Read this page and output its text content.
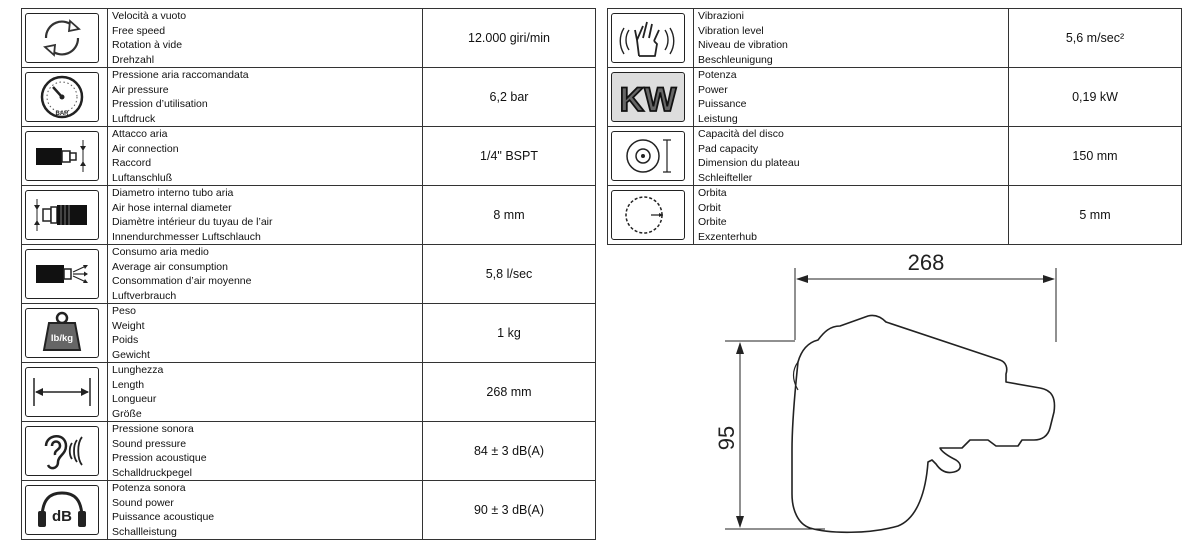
Velocità a vuoto
Free speed
Rotation à vide
Drehzahl	12.000 giri/min

BAR	Pressione aria raccomandata
Air pressure
Pression d’utilisation
Luftdruck	6,2 bar

Attacco aria
Air connection
Raccord
Luftanschluß	1/4" BSPT

Diametro interno tubo aria
Air hose internal diameter
Diamètre intérieur du tuyau de l’air
Innendurchmesser Luftschlauch	8 mm

Consumo aria medio
Average air consumption
Consommation d’air moyenne
Luftverbrauch	5,8 l/sec

lb/kg	Peso
Weight
Poids
Gewicht	1 kg

Lunghezza
Length
Longueur
Größe	268 mm

Pressione sonora
Sound pressure
Pression acoustique
Schalldruckpegel	84 ± 3 dB(A)

dB	Potenza sonora
Sound power
Puissance acoustique
Schallleistung	90 ± 3 dB(A)

Vibrazioni
Vibration level
Niveau de vibration
Beschleunigung	5,6 m/sec²

KW	Potenza
Power
Puissance
Leistung	0,19 kW

Capacità del disco
Pad capacity
Dimension du plateau
Schleifteller	150 mm

Orbita
Orbit
Orbite
Exzenterhub	5 mm
268
95
